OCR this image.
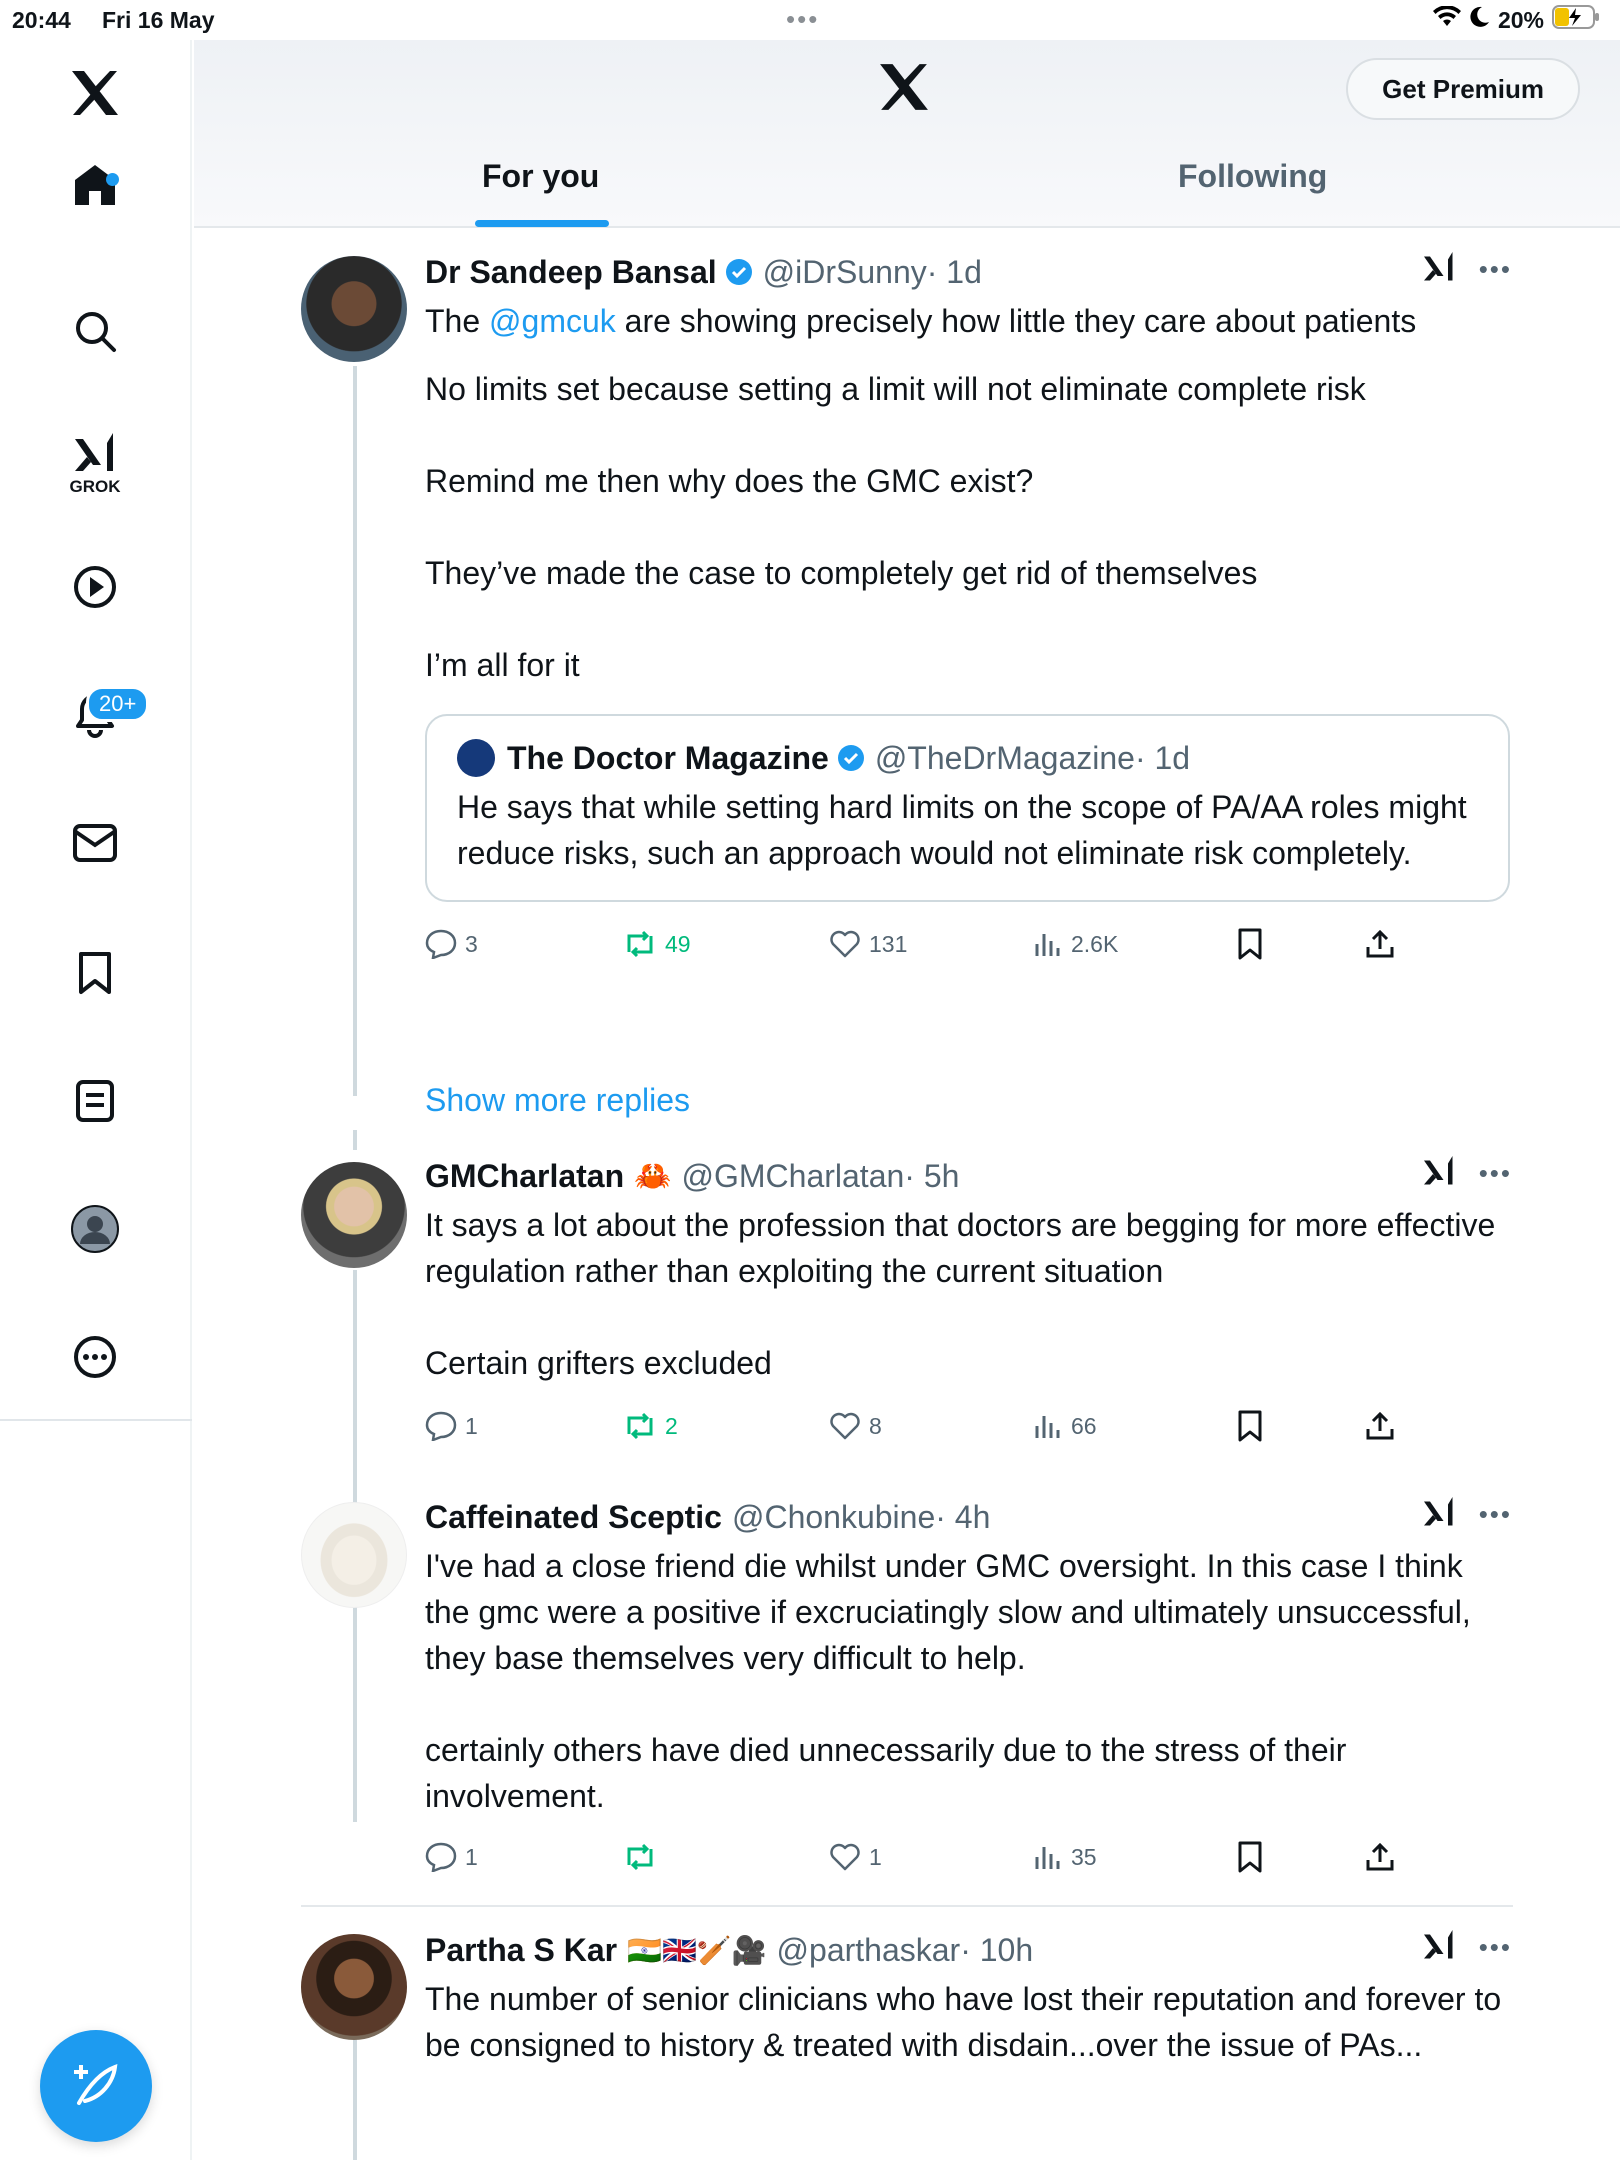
20:44 Fri 16 May	•••	20%
GROK
20+
Get Premium
For you	Following
Dr Sandeep Bansal @iDrSunny · 1d	•••
The @gmcuk are showing precisely how little they care about patients
No limits set because setting a limit will not eliminate complete risk

Remind me then why does the GMC exist?

They’ve made the case to completely get rid of themselves

I’m all for it
The Doctor Magazine @TheDrMagazine · 1d
He says that while setting hard limits on the scope of PA/AA roles might reduce risks, such an approach would not eliminate risk completely.
3	49	131	2.6K
Show more replies
GMCharlatan 🦀 @GMCharlatan · 5h	•••
It says a lot about the profession that doctors are begging for more effective regulation rather than exploiting the current situation

Certain grifters excluded
1	2	8	66
Caffeinated Sceptic @Chonkubine · 4h	•••
I've had a close friend die whilst under GMC oversight. In this case I think the gmc were a positive if excruciatingly slow and ultimately unsuccessful, they base themselves very difficult to help.

certainly others have died unnecessarily due to the stress of their involvement.
1	1	35
Partha S Kar 🇮🇳🇬🇧🏏🎥 @parthaskar · 10h	•••
The number of senior clinicians who have lost their reputation and forever to be consigned to history & treated with disdain...over the issue of PAs...
